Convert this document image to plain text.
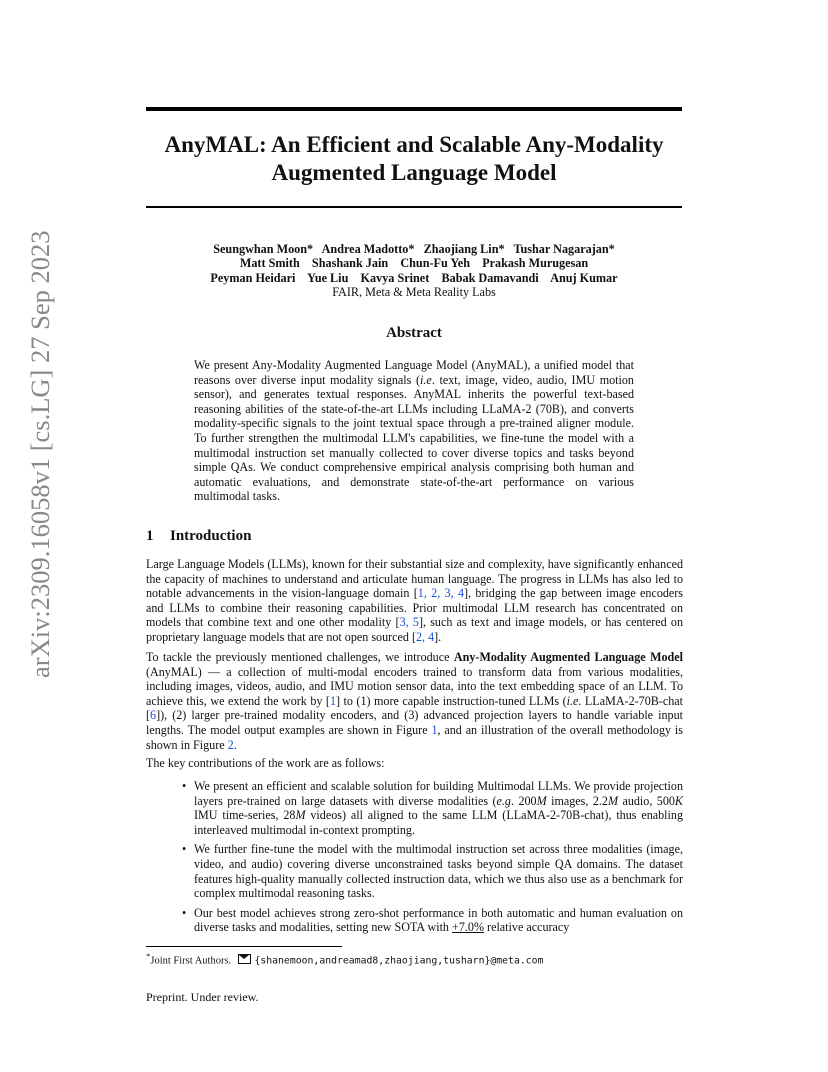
arXiv:2309.16058v1 [cs.LG] 27 Sep 2023
AnyMAL: An Efficient and Scalable Any-Modality
Augmented Language Model
Seungwhan Moon* Andrea Madotto* Zhaojiang Lin* Tushar Nagarajan*
Matt Smith Shashank Jain Chun-Fu Yeh Prakash Murugesan
Peyman Heidari Yue Liu Kavya Srinet Babak Damavandi Anuj Kumar
FAIR, Meta & Meta Reality Labs
Abstract

We present Any-Modality Augmented Language Model (AnyMAL), a unified model that reasons over diverse input modality signals (i.e. text, image, video, audio, IMU motion sensor), and generates textual responses. AnyMAL inherits the powerful text-based reasoning abilities of the state-of-the-art LLMs including LLaMA-2 (70B), and converts modality-specific signals to the joint textual space through a pre-trained aligner module. To further strengthen the multimodal LLM's capabilities, we fine-tune the model with a multimodal instruction set manually collected to cover diverse topics and tasks beyond simple QAs. We conduct comprehensive empirical analysis comprising both human and automatic evaluations, and demonstrate state-of-the-art performance on various multimodal tasks.

1 Introduction

Large Language Models (LLMs), known for their substantial size and complexity, have significantly enhanced the capacity of machines to understand and articulate human language. The progress in LLMs has also led to notable advancements in the vision-language domain [1, 2, 3, 4], bridging the gap between image encoders and LLMs to combine their reasoning capabilities. Prior multimodal LLM research has concentrated on models that combine text and one other modality [3, 5], such as text and image models, or has centered on proprietary language models that are not open sourced [2, 4].

To tackle the previously mentioned challenges, we introduce Any-Modality Augmented Language Model (AnyMAL) — a collection of multi-modal encoders trained to transform data from various modalities, including images, videos, audio, and IMU motion sensor data, into the text embedding space of an LLM. To achieve this, we extend the work by [1] to (1) more capable instruction-tuned LLMs (i.e. LLaMA-2-70B-chat [6]), (2) larger pre-trained modality encoders, and (3) advanced projection layers to handle variable input lengths. The model output examples are shown in Figure 1, and an illustration of the overall methodology is shown in Figure 2.

The key contributions of the work are as follows:

• We present an efficient and scalable solution for building Multimodal LLMs. We provide projection layers pre-trained on large datasets with diverse modalities (e.g. 200M images, 2.2M audio, 500K IMU time-series, 28M videos) all aligned to the same LLM (LLaMA-2-70B-chat), thus enabling interleaved multimodal in-context prompting.
• We further fine-tune the model with the multimodal instruction set across three modalities (image, video, and audio) covering diverse unconstrained tasks beyond simple QA domains. The dataset features high-quality manually collected instruction data, which we thus also use as a benchmark for complex multimodal reasoning tasks.
• Our best model achieves strong zero-shot performance in both automatic and human evaluation on diverse tasks and modalities, setting new SOTA with +7.0% relative accuracy
*Joint First Authors. {shanemoon,andreamad8,zhaojiang,tusharn}@meta.com
Preprint. Under review.
